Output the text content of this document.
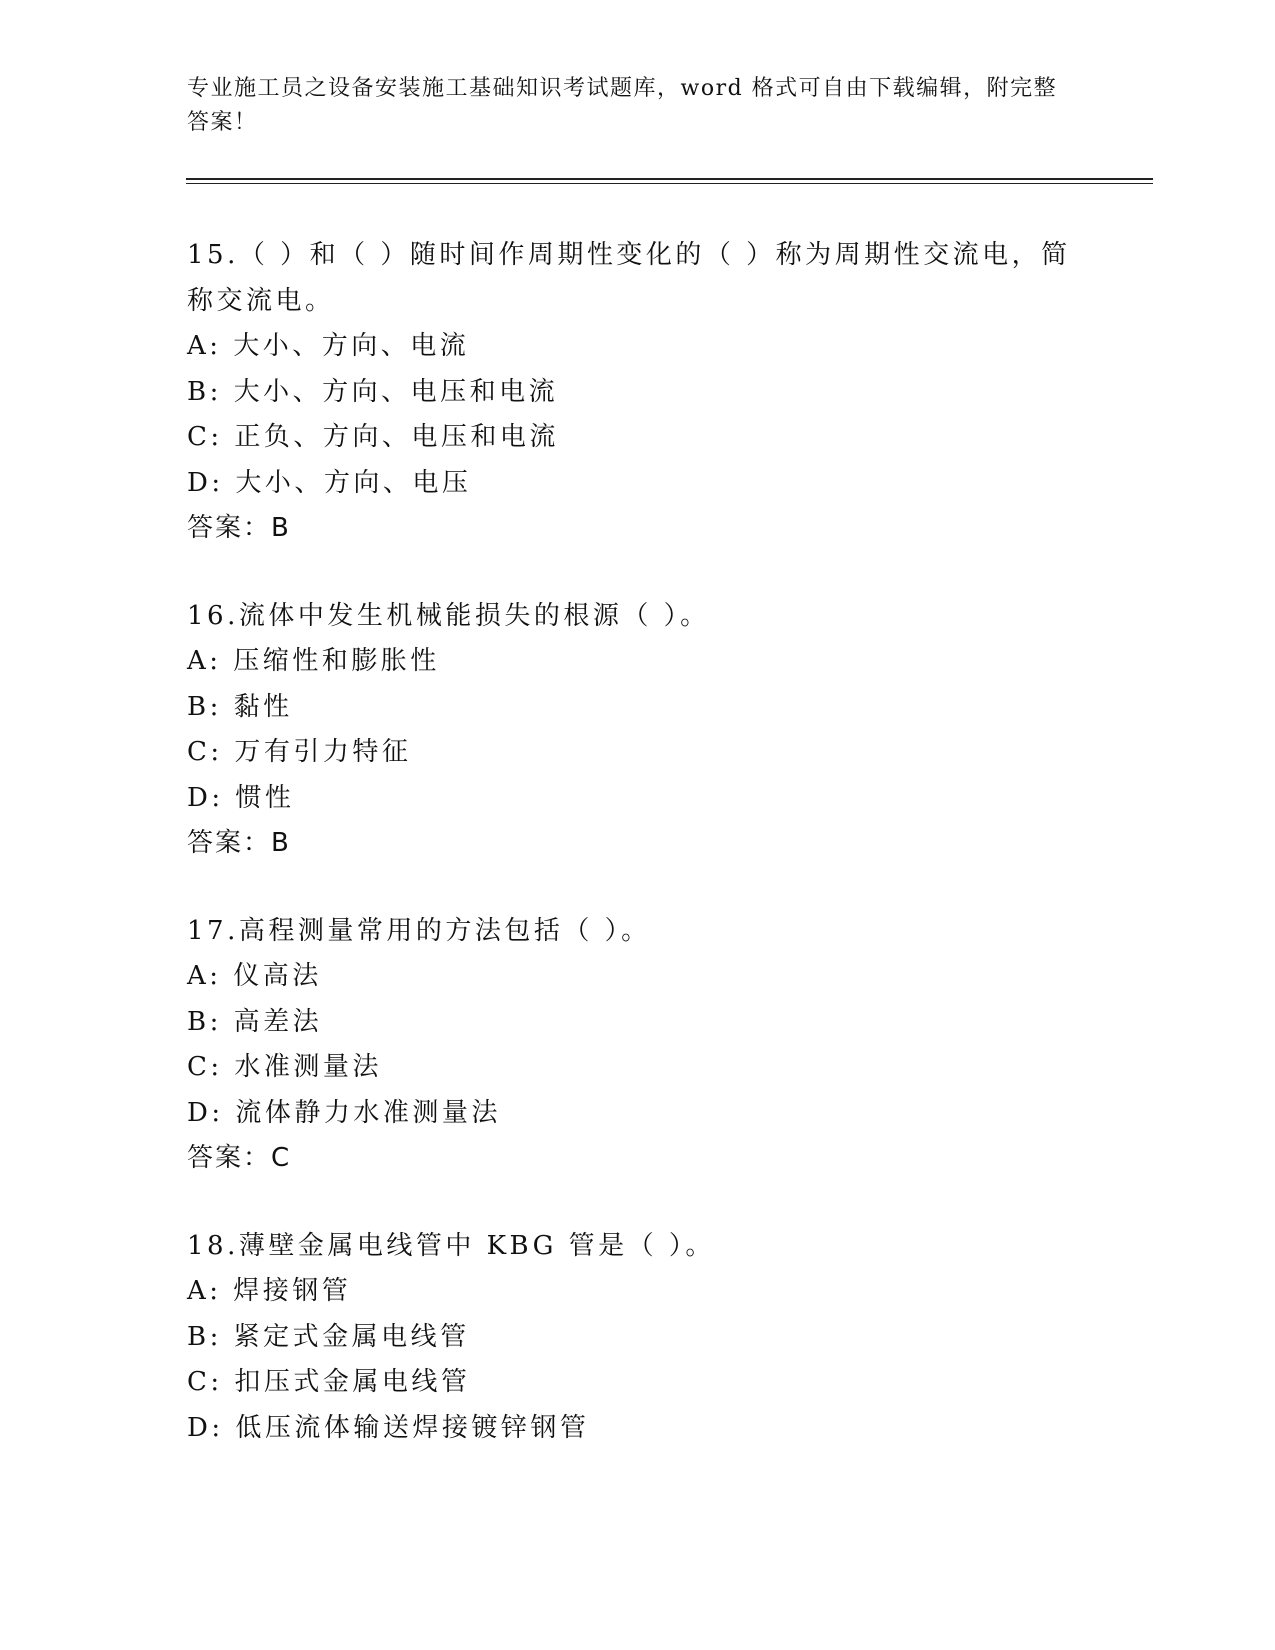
专业施工员之设备安装施工基础知识考试题库，word 格式可自由下载编辑，附完整答案！
15.（ ）和（ ）随时间作周期性变化的（ ）称为周期性交流电，简称交流电。
A: 大小、方向、电流
B: 大小、方向、电压和电流
C: 正负、方向、电压和电流
D: 大小、方向、电压
答案：B
16.流体中发生机械能损失的根源（ ）。
A: 压缩性和膨胀性
B: 黏性
C: 万有引力特征
D: 惯性
答案：B
17.高程测量常用的方法包括（ ）。
A: 仪高法
B: 高差法
C: 水准测量法
D: 流体静力水准测量法
答案：C
18.薄壁金属电线管中 KBG 管是（ ）。
A: 焊接钢管
B: 紧定式金属电线管
C: 扣压式金属电线管
D: 低压流体输送焊接镀锌钢管
